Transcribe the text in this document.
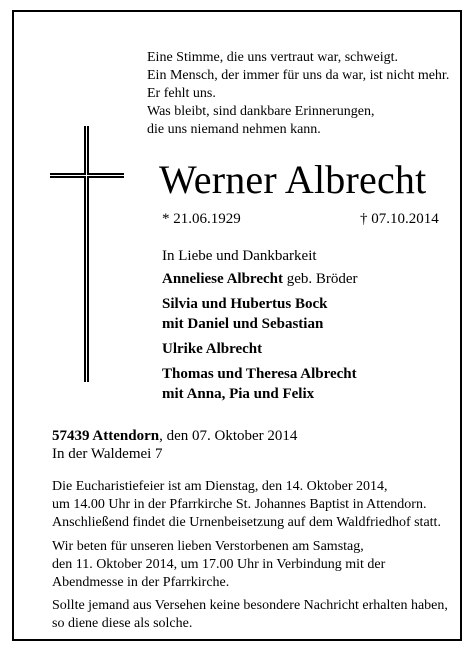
Eine Stimme, die uns vertraut war, schweigt.
Ein Mensch, der immer für uns da war, ist nicht mehr.
Er fehlt uns.
Was bleibt, sind dankbare Erinnerungen,
die uns niemand nehmen kann.
Werner Albrecht
* 21.06.1929	† 07.10.2014
In Liebe und Dankbarkeit
Anneliese Albrecht geb. Bröder
Silvia und Hubertus Bock
mit Daniel und Sebastian
Ulrike Albrecht
Thomas und Theresa Albrecht
mit Anna, Pia und Felix
57439 Attendorn, den 07. Oktober 2014
In der Waldemei 7
Die Eucharistiefeier ist am Dienstag, den 14. Oktober 2014,
um 14.00 Uhr in der Pfarrkirche St. Johannes Baptist in Attendorn.
Anschließend findet die Urnenbeisetzung auf dem Waldfriedhof statt.
Wir beten für unseren lieben Verstorbenen am Samstag,
den 11. Oktober 2014, um 17.00 Uhr in Verbindung mit der
Abendmesse in der Pfarrkirche.
Sollte jemand aus Versehen keine besondere Nachricht erhalten haben,
so diene diese als solche.
